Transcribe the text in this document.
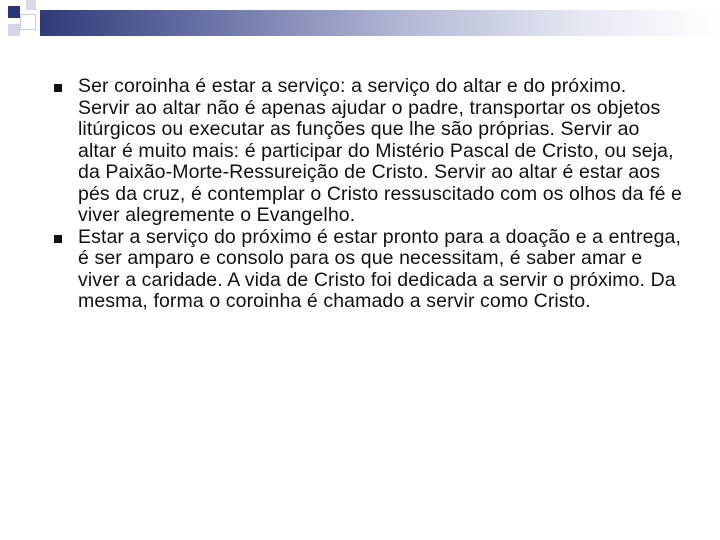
Ser coroinha é estar a serviço: a serviço do altar e do próximo. Servir ao altar não é apenas ajudar o padre, transportar os objetos litúrgicos ou executar as funções que lhe são próprias. Servir ao altar é muito mais: é participar do Mistério Pascal de Cristo, ou seja, da Paixão-Morte-Ressureição de Cristo. Servir ao altar é estar aos pés da cruz, é contemplar o Cristo ressuscitado com os olhos da fé e viver alegremente o Evangelho.

Estar a serviço do próximo é estar pronto para a doação e a entrega, é ser amparo e consolo para os que necessitam, é saber amar e viver a caridade. A vida de Cristo foi dedicada a servir o próximo. Da mesma, forma o coroinha é chamado a servir como Cristo.
